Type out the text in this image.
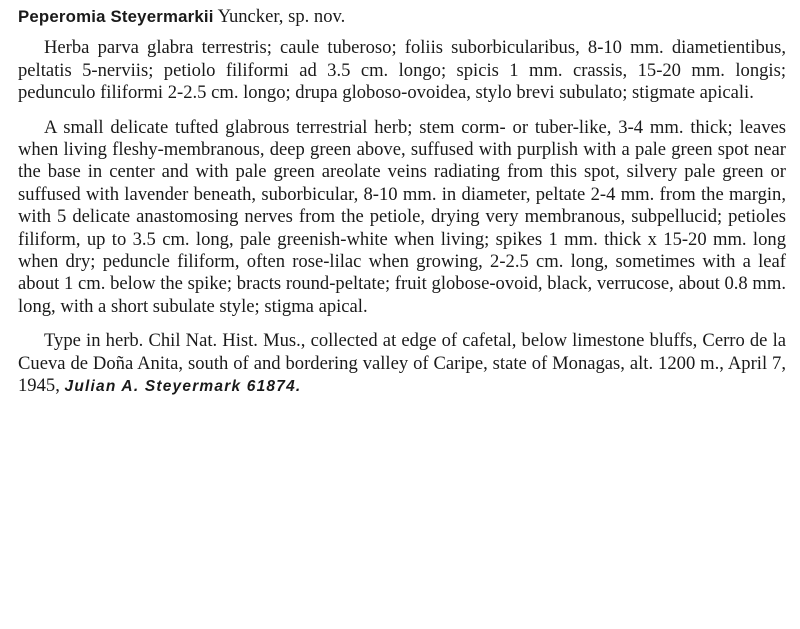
Peperomia Steyermarkii Yuncker, sp. nov.

Herba parva glabra terrestris; caule tuberoso; foliis suborbicularibus, 8-10 mm. diametientibus, peltatis 5-nerviis; petiolo filiformi ad 3.5 cm. longo; spicis 1 mm. crassis, 15-20 mm. longis; pedunculo filiformi 2-2.5 cm. longo; drupa globoso-ovoidea, stylo brevi subulato; stigmate apicali.

A small delicate tufted glabrous terrestrial herb; stem corm- or tuber-like, 3-4 mm. thick; leaves when living fleshy-membranous, deep green above, suffused with purplish with a pale green spot near the base in center and with pale green areolate veins radiating from this spot, silvery pale green or suffused with lavender beneath, suborbicular, 8-10 mm. in diameter, peltate 2-4 mm. from the margin, with 5 delicate anastomosing nerves from the petiole, drying very membranous, subpellucid; petioles filiform, up to 3.5 cm. long, pale greenish-white when living; spikes 1 mm. thick x 15-20 mm. long when dry; peduncle filiform, often rose-lilac when growing, 2-2.5 cm. long, sometimes with a leaf about 1 cm. below the spike; bracts round-peltate; fruit globose-ovoid, black, verrucose, about 0.8 mm. long, with a short subulate style; stigma apical.

Type in herb. Chil Nat. Hist. Mus., collected at edge of cafetal, below limestone bluffs, Cerro de la Cueva de Doña Anita, south of and bordering valley of Caripe, state of Monagas, alt. 1200 m., April 7, 1945, Julian A. Steyermark 61874.
